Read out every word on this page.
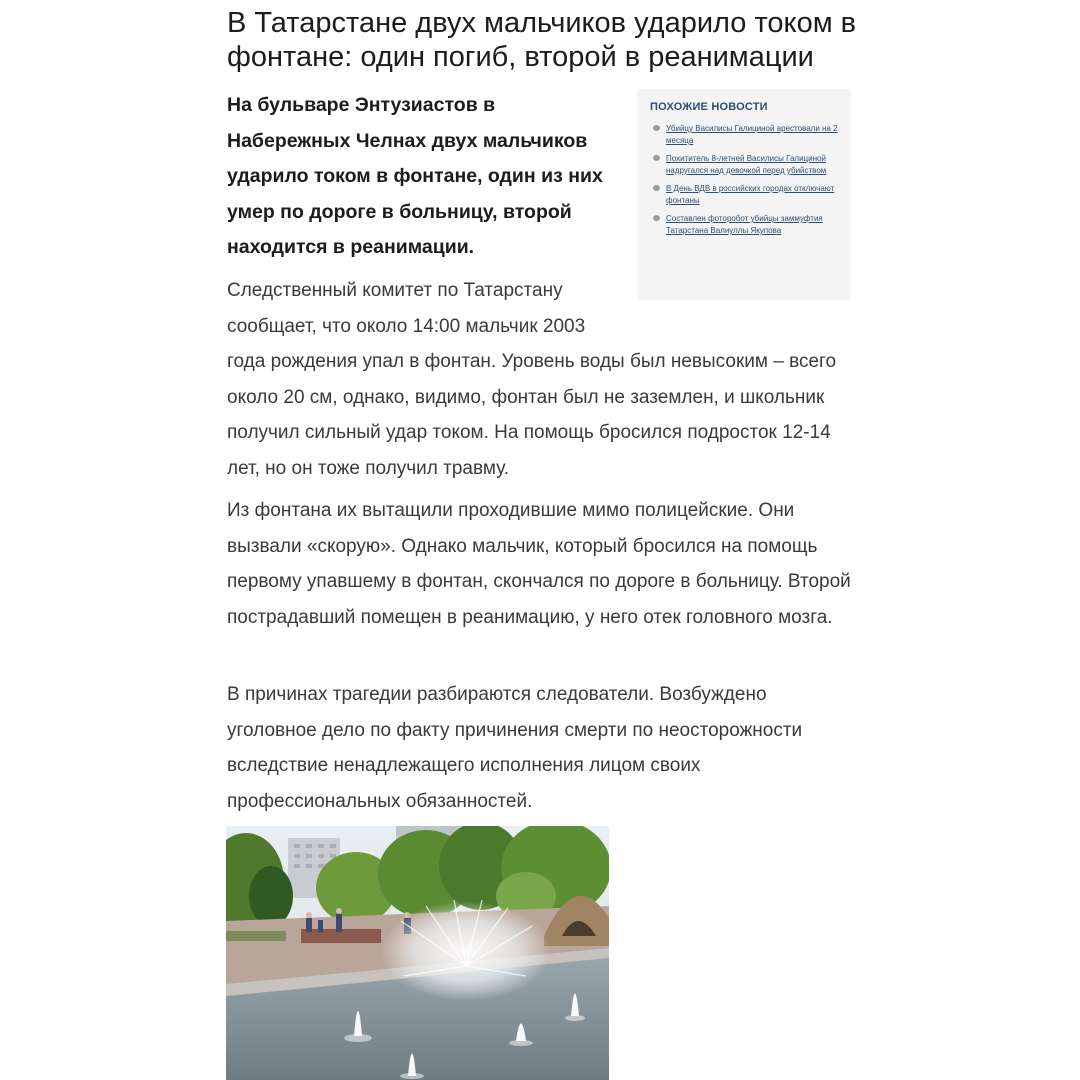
В Татарстане двух мальчиков ударило током в фонтане: один погиб, второй в реанимации

На бульваре Энтузиастов в Набережных Челнах двух мальчиков ударило током в фонтане, один из них умер по дороге в больницу, второй находится в реанимации.

ПОХОЖИЕ НОВОСТИ
Убийцу Василисы Галициной арестовали на 2 месяца
Похититель 8-летней Василисы Галициной надругался над девочкой перед убийством
В День ВДВ в российских городах отключают фонтаны
Составлен фоторобот убийцы заммуфтия Татарстана Валиуллы Якупова

Следственный комитет по Татарстану сообщает, что около 14:00 мальчик 2003

года рождения упал в фонтан. Уровень воды был невысоким – всего около 20 см, однако, видимо, фонтан был не заземлен, и школьник получил сильный удар током. На помощь бросился подросток 12-14 лет, но он тоже получил травму.

Из фонтана их вытащили проходившие мимо полицейские. Они вызвали «скорую». Однако мальчик, который бросился на помощь первому упавшему в фонтан, скончался по дороге в больницу. Второй пострадавший помещен в реанимацию, у него отек головного мозга.

В причинах трагедии разбираются следователи. Возбуждено уголовное дело по факту причинения смерти по неосторожности вследствие ненадлежащего исполнения лицом своих профессиональных обязанностей.
